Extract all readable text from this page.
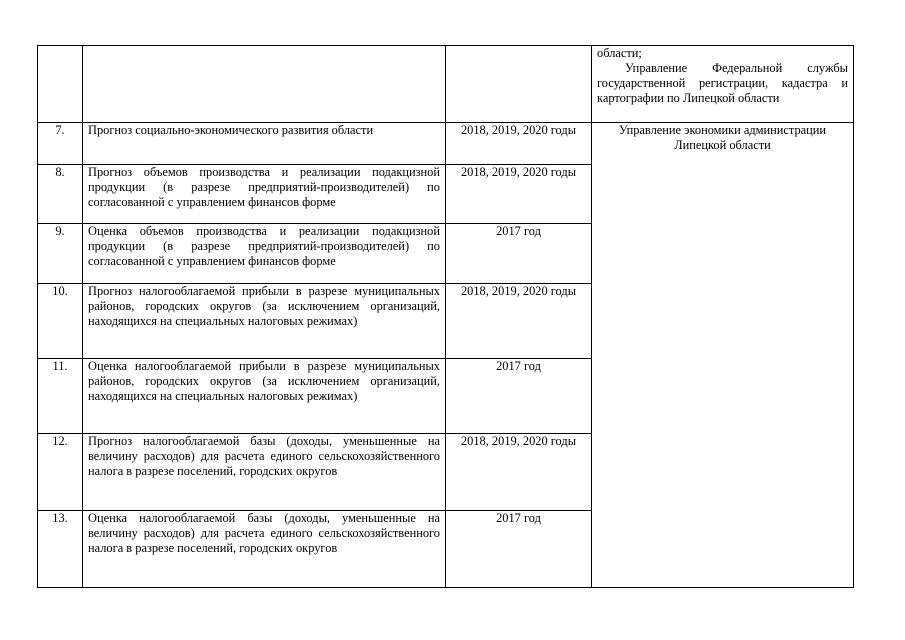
			области;
Управление Федеральной службы государственной регистрации, кадастра и картографии по Липецкой области

7.	Прогноз социально-экономического развития области	2018, 2019, 2020 годы	Управление экономики администрации Липецкой области
8.	Прогноз объемов производства и реализации подакцизной продукции (в разрезе предприятий-производителей) по согласованной с управлением финансов форме	2018, 2019, 2020 годы	
9.	Оценка объемов производства и реализации подакцизной продукции (в разрезе предприятий-производителей) по согласованной с управлением финансов форме	2017 год	
10.	Прогноз налогооблагаемой прибыли в разрезе муниципальных районов, городских округов (за исключением организаций, находящихся на специальных налоговых режимах)	2018, 2019, 2020 годы	
11.	Оценка налогооблагаемой прибыли в разрезе муниципальных районов, городских округов (за исключением организаций, находящихся на специальных налоговых режимах)	2017 год	
12.	Прогноз налогооблагаемой базы (доходы, уменьшенные на величину расходов) для расчета единого сельскохозяйственного налога в разрезе поселений, городских округов	2018, 2019, 2020 годы	
13.	Оценка налогооблагаемой базы (доходы, уменьшенные на величину расходов) для расчета единого сельскохозяйственного налога в разрезе поселений, городских округов	2017 год	
